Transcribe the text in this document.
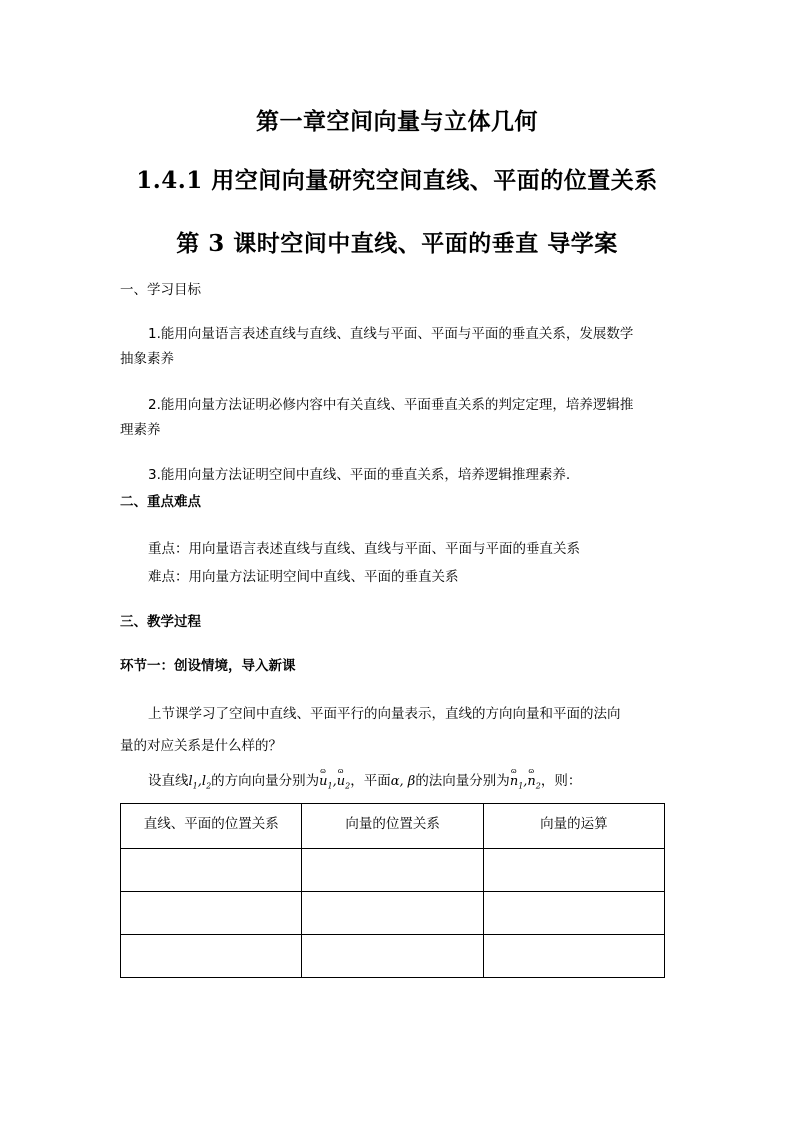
第一章空间向量与立体几何
1.4.1 用空间向量研究空间直线、平面的位置关系
第 3 课时空间中直线、平面的垂直 导学案
一、学习目标
1.能用向量语言表述直线与直线、直线与平面、平面与平面的垂直关系，发展数学
抽象素养
2.能用向量方法证明必修内容中有关直线、平面垂直关系的判定定理，培养逻辑推
理素养
3.能用向量方法证明空间中直线、平面的垂直关系，培养逻辑推理素养.
二、重点难点
重点：用向量语言表述直线与直线、直线与平面、平面与平面的垂直关系
难点：用向量方法证明空间中直线、平面的垂直关系
三、教学过程
环节一：创设情境，导入新课
上节课学习了空间中直线、平面平行的向量表示，直线的方向向量和平面的法向
量的对应关系是什么样的？
设直线$l_1,l_2$的方向向量分别为ɷ $u_1,ɷ$ $u_2$，平面α, β的法向量分别为ɷ $n_1,ɷ$ $n_2$，则：
直线、平面的位置关系	向量的位置关系	向量的运算
